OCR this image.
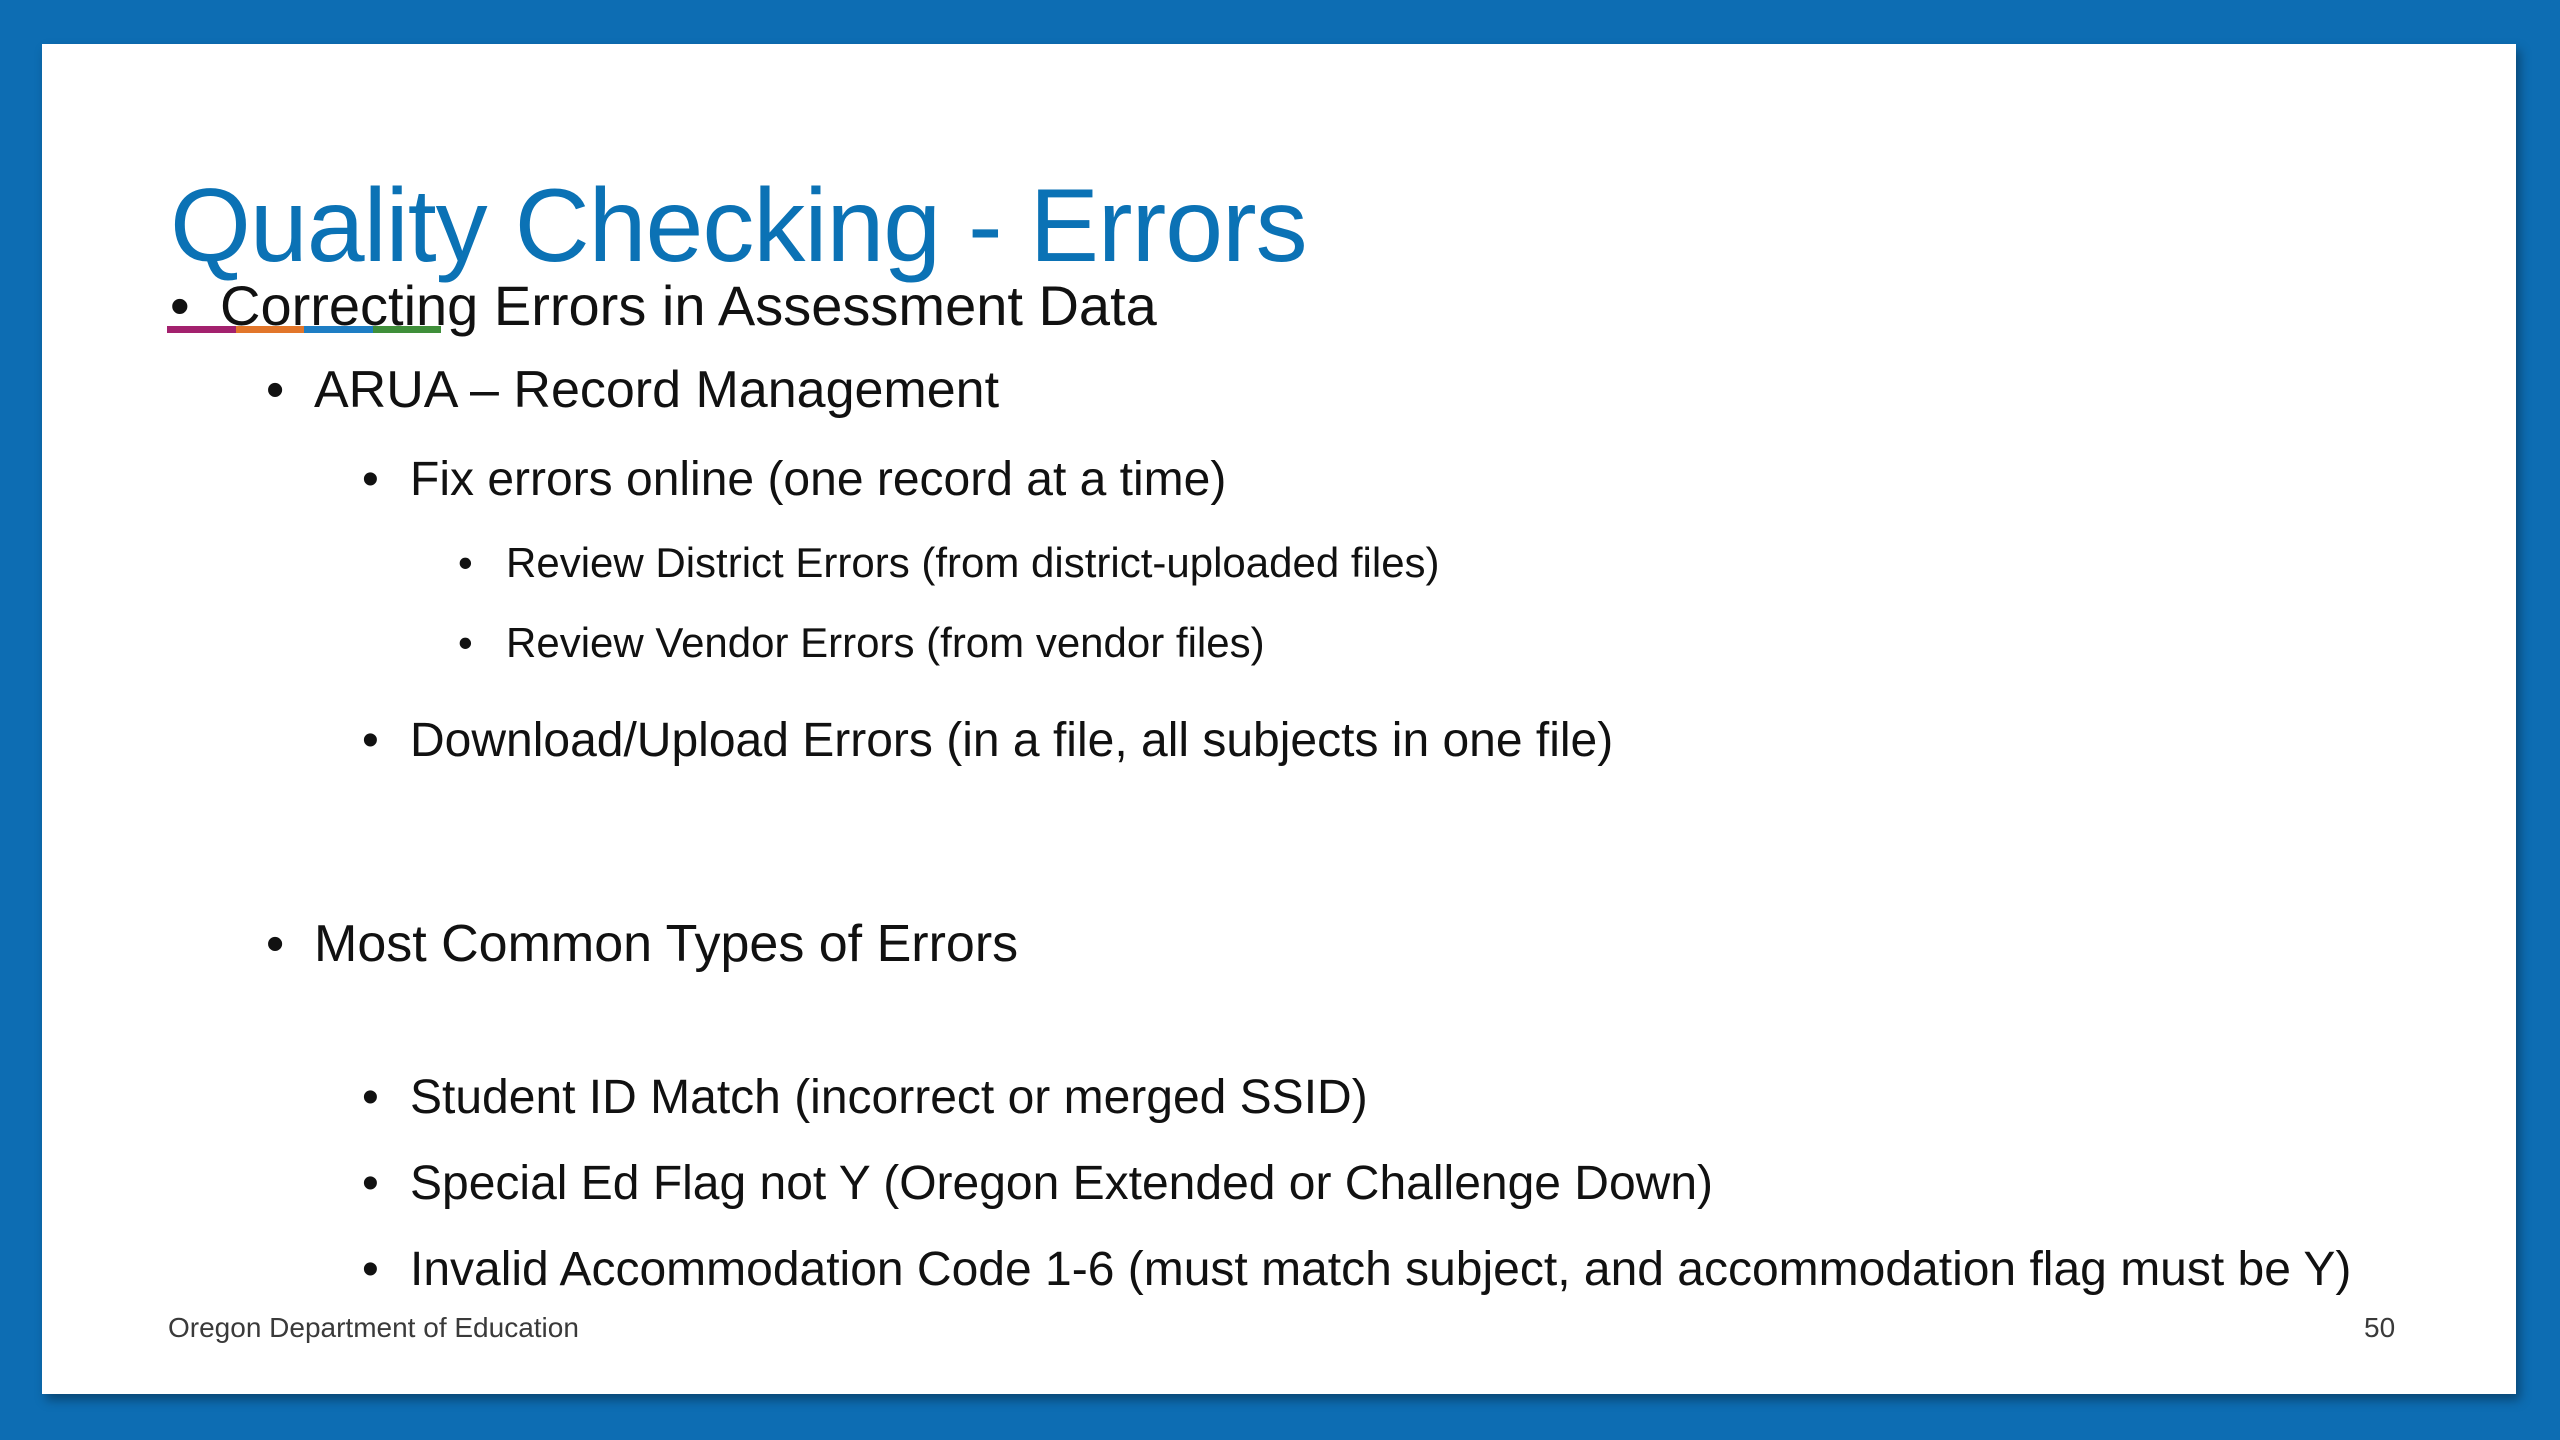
Quality Checking - Errors
• Correcting Errors in Assessment Data
• ARUA – Record Management
• Fix errors online (one record at a time)
• Review District Errors (from district-uploaded files)
• Review Vendor Errors (from vendor files)
• Download/Upload Errors (in a file, all subjects in one file)
• Most Common Types of Errors
• Student ID Match (incorrect or merged SSID)
• Special Ed Flag not Y (Oregon Extended or Challenge Down)
• Invalid Accommodation Code 1-6 (must match subject, and accommodation flag must be Y)
Oregon Department of Education	50
